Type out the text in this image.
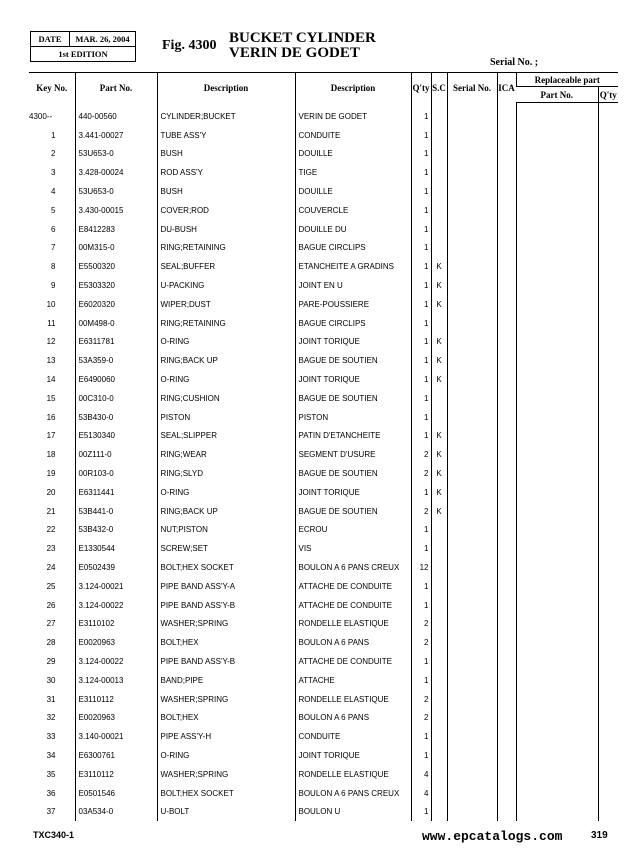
DATE	MAR. 26, 2004
1st EDITION
Fig. 4300 BUCKET CYLINDER
VERIN DE GODET
Serial No. ;
Key No.	Part No.	Description	Description	Q'ty	S.C	Serial No.	ICA	Replaceable part	
								Part No.	Q'ty
4300--	440-00560	CYLINDER;BUCKET	VERIN DE GODET	1					
1	3.441-00027	TUBE ASS'Y	CONDUITE	1					
2	53U653-0	BUSH	DOUILLE	1					
3	3.428-00024	ROD ASS'Y	TIGE	1					
4	53U653-0	BUSH	DOUILLE	1					
5	3.430-00015	COVER;ROD	COUVERCLE	1					
6	E8412283	DU-BUSH	DOUILLE DU	1					
7	00M315-0	RING;RETAINING	BAGUE CIRCLIPS	1					
8	E5500320	SEAL;BUFFER	ETANCHEITE A GRADINS	1	K				
9	E5303320	U-PACKING	JOINT EN U	1	K				
10	E6020320	WIPER;DUST	PARE-POUSSIERE	1	K				
11	00M498-0	RING;RETAINING	BAGUE CIRCLIPS	1					
12	E6311781	O-RING	JOINT TORIQUE	1	K				
13	53A359-0	RING;BACK UP	BAGUE DE SOUTIEN	1	K				
14	E6490060	O-RING	JOINT TORIQUE	1	K				
15	00C310-0	RING;CUSHION	BAGUE DE SOUTIEN	1					
16	53B430-0	PISTON	PISTON	1					
17	E5130340	SEAL;SLIPPER	PATIN D'ETANCHEITE	1	K				
18	00Z111-0	RING;WEAR	SEGMENT D'USURE	2	K				
19	00R103-0	RING;SLYD	BAGUE DE SOUTIEN	2	K				
20	E6311441	O-RING	JOINT TORIQUE	1	K				
21	53B441-0	RING;BACK UP	BAGUE DE SOUTIEN	2	K				
22	53B432-0	NUT;PISTON	ECROU	1					
23	E1330544	SCREW;SET	VIS	1					
24	E0502439	BOLT;HEX SOCKET	BOULON A 6 PANS CREUX	12					
25	3.124-00021	PIPE BAND ASS'Y-A	ATTACHE DE CONDUITE	1					
26	3.124-00022	PIPE BAND ASS'Y-B	ATTACHE DE CONDUITE	1					
27	E3110102	WASHER;SPRING	RONDELLE ELASTIQUE	2					
28	E0020963	BOLT;HEX	BOULON A 6 PANS	2					
29	3.124-00022	PIPE BAND ASS'Y-B	ATTACHE DE CONDUITE	1					
30	3.124-00013	BAND;PIPE	ATTACHE	1					
31	E3110112	WASHER;SPRING	RONDELLE ELASTIQUE	2					
32	E0020963	BOLT;HEX	BOULON A 6 PANS	2					
33	3.140-00021	PIPE ASS'Y-H	CONDUITE	1					
34	E6300761	O-RING	JOINT TORIQUE	1					
35	E3110112	WASHER;SPRING	RONDELLE ELASTIQUE	4					
36	E0501546	BOLT;HEX SOCKET	BOULON A 6 PANS CREUX	4					
37	03A534-0	U-BOLT	BOULON U	1					
TXC340-1	www.epcatalogs.com	319
